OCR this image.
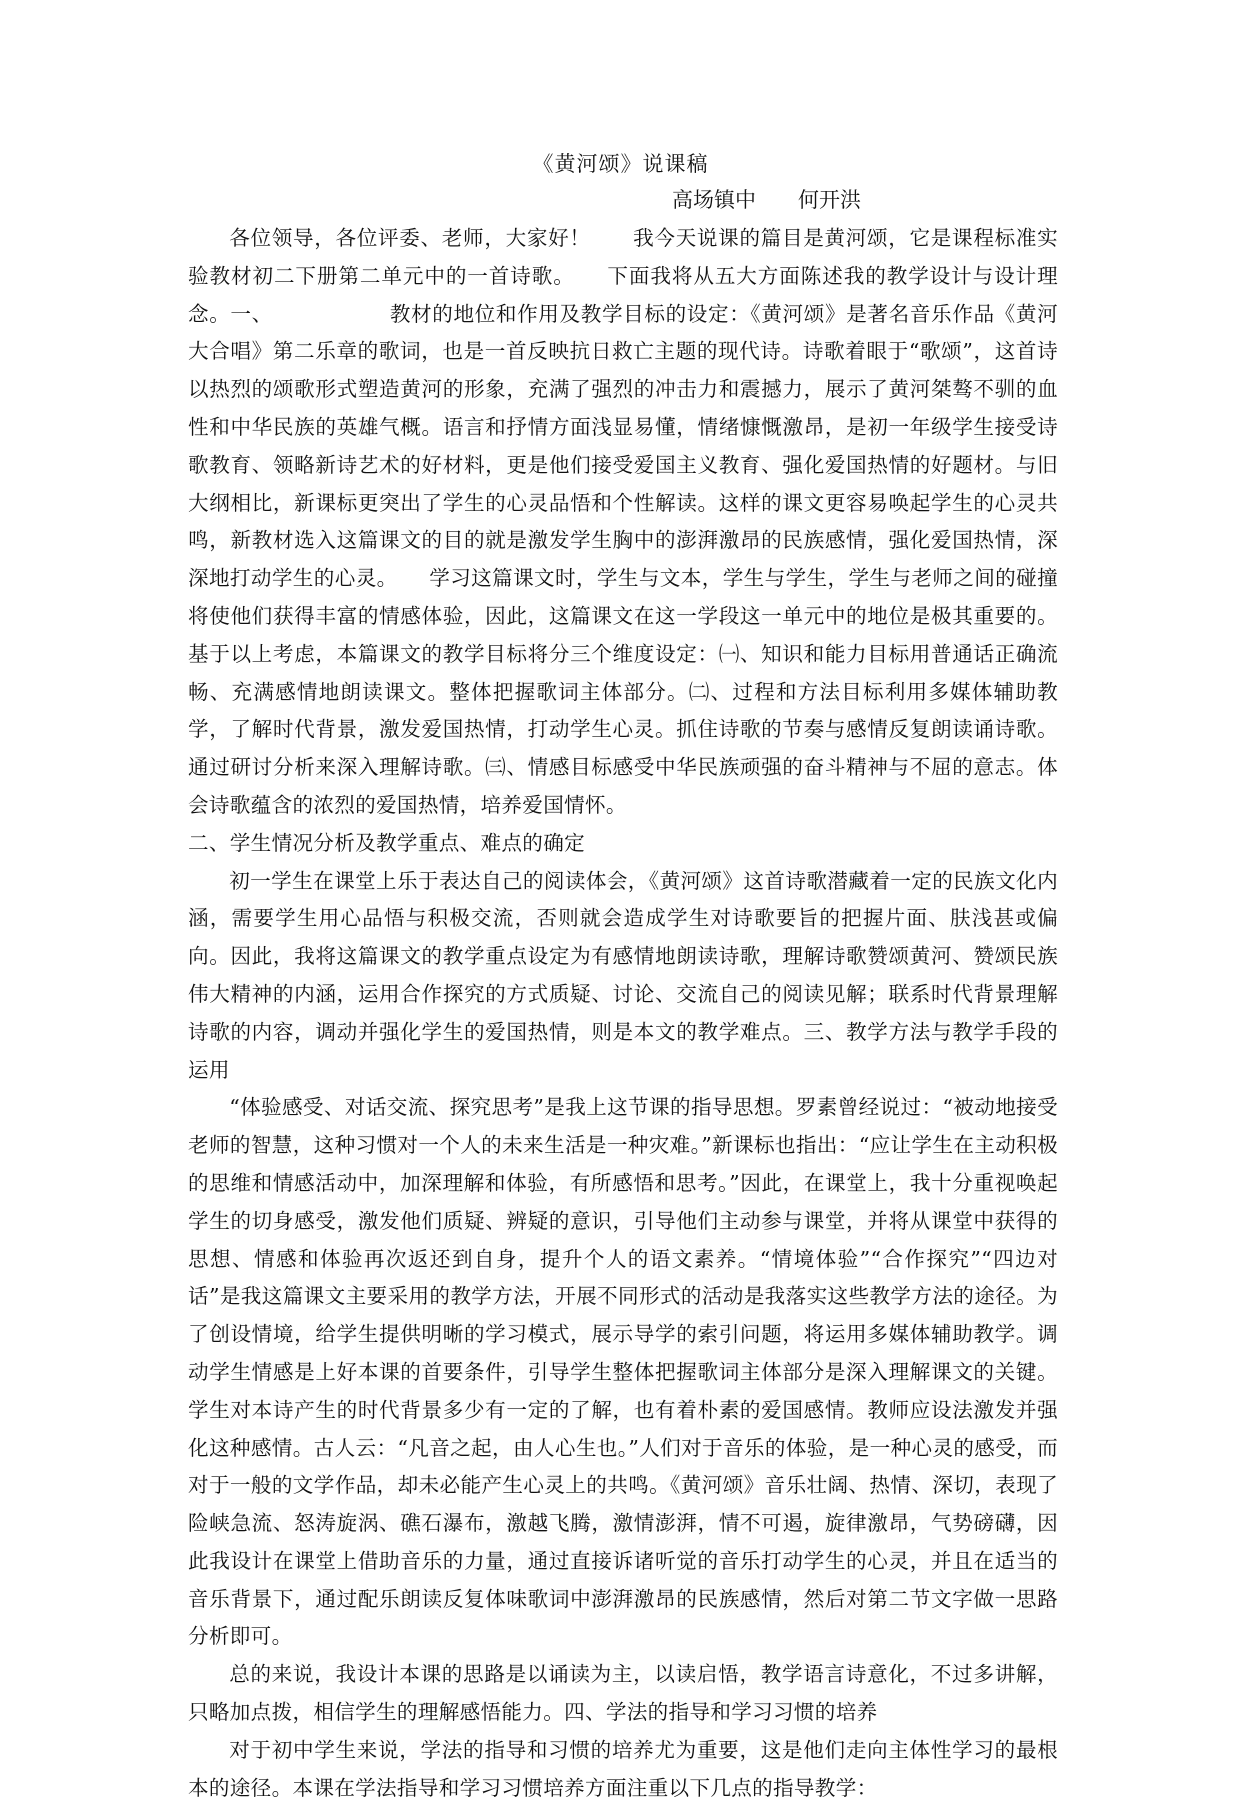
《黄河颂》说课稿
高场镇中　　何开洪

各位领导，各位评委、老师，大家好！　　我今天说课的篇目是黄河颂，它是课程标准实验教材初二下册第二单元中的一首诗歌。　　下面我将从五大方面陈述我的教学设计与设计理念。一、　　　　　　教材的地位和作用及教学目标的设定：《黄河颂》是著名音乐作品《黄河大合唱》第二乐章的歌词，也是一首反映抗日救亡主题的现代诗。诗歌着眼于“歌颂”，这首诗以热烈的颂歌形式塑造黄河的形象，充满了强烈的冲击力和震撼力，展示了黄河桀骜不驯的血性和中华民族的英雄气概。语言和抒情方面浅显易懂，情绪慷慨激昂，是初一年级学生接受诗歌教育、领略新诗艺术的好材料，更是他们接受爱国主义教育、强化爱国热情的好题材。与旧大纲相比，新课标更突出了学生的心灵品悟和个性解读。这样的课文更容易唤起学生的心灵共鸣，新教材选入这篇课文的目的就是激发学生胸中的澎湃激昂的民族感情，强化爱国热情，深深地打动学生的心灵。　　学习这篇课文时，学生与文本，学生与学生，学生与老师之间的碰撞将使他们获得丰富的情感体验，因此，这篇课文在这一学段这一单元中的地位是极其重要的。基于以上考虑，本篇课文的教学目标将分三个维度设定：㈠、知识和能力目标用普通话正确流畅、充满感情地朗读课文。整体把握歌词主体部分。㈡、过程和方法目标利用多媒体辅助教学，了解时代背景，激发爱国热情，打动学生心灵。抓住诗歌的节奏与感情反复朗读诵诗歌。通过研讨分析来深入理解诗歌。㈢、情感目标感受中华民族顽强的奋斗精神与不屈的意志。体会诗歌蕴含的浓烈的爱国热情，培养爱国情怀。

二、学生情况分析及教学重点、难点的确定

初一学生在课堂上乐于表达自己的阅读体会，《黄河颂》这首诗歌潜藏着一定的民族文化内涵，需要学生用心品悟与积极交流，否则就会造成学生对诗歌要旨的把握片面、肤浅甚或偏向。因此，我将这篇课文的教学重点设定为有感情地朗读诗歌，理解诗歌赞颂黄河、赞颂民族伟大精神的内涵，运用合作探究的方式质疑、讨论、交流自己的阅读见解；联系时代背景理解诗歌的内容，调动并强化学生的爱国热情，则是本文的教学难点。三、教学方法与教学手段的运用

“体验感受、对话交流、探究思考”是我上这节课的指导思想。罗素曾经说过：“被动地接受老师的智慧，这种习惯对一个人的未来生活是一种灾难。”新课标也指出：“应让学生在主动积极的思维和情感活动中，加深理解和体验，有所感悟和思考。”因此，在课堂上，我十分重视唤起学生的切身感受，激发他们质疑、辨疑的意识，引导他们主动参与课堂，并将从课堂中获得的思想、情感和体验再次返还到自身，提升个人的语文素养。“情境体验”“合作探究”“四边对话”是我这篇课文主要采用的教学方法，开展不同形式的活动是我落实这些教学方法的途径。为了创设情境，给学生提供明晰的学习模式，展示导学的索引问题，将运用多媒体辅助教学。调动学生情感是上好本课的首要条件，引导学生整体把握歌词主体部分是深入理解课文的关键。学生对本诗产生的时代背景多少有一定的了解，也有着朴素的爱国感情。教师应设法激发并强化这种感情。古人云：“凡音之起，由人心生也。”人们对于音乐的体验，是一种心灵的感受，而对于一般的文学作品，却未必能产生心灵上的共鸣。《黄河颂》音乐壮阔、热情、深切，表现了险峡急流、怒涛旋涡、礁石瀑布，激越飞腾，激情澎湃，情不可遏，旋律激昂，气势磅礴，因此我设计在课堂上借助音乐的力量，通过直接诉诸听觉的音乐打动学生的心灵，并且在适当的音乐背景下，通过配乐朗读反复体味歌词中澎湃激昂的民族感情，然后对第二节文字做一思路分析即可。

总的来说，我设计本课的思路是以诵读为主，以读启悟，教学语言诗意化，不过多讲解，只略加点拨，相信学生的理解感悟能力。四、学法的指导和学习习惯的培养

对于初中学生来说，学法的指导和习惯的培养尤为重要，这是他们走向主体性学习的最根本的途径。本课在学法指导和学习习惯培养方面注重以下几点的指导教学：
